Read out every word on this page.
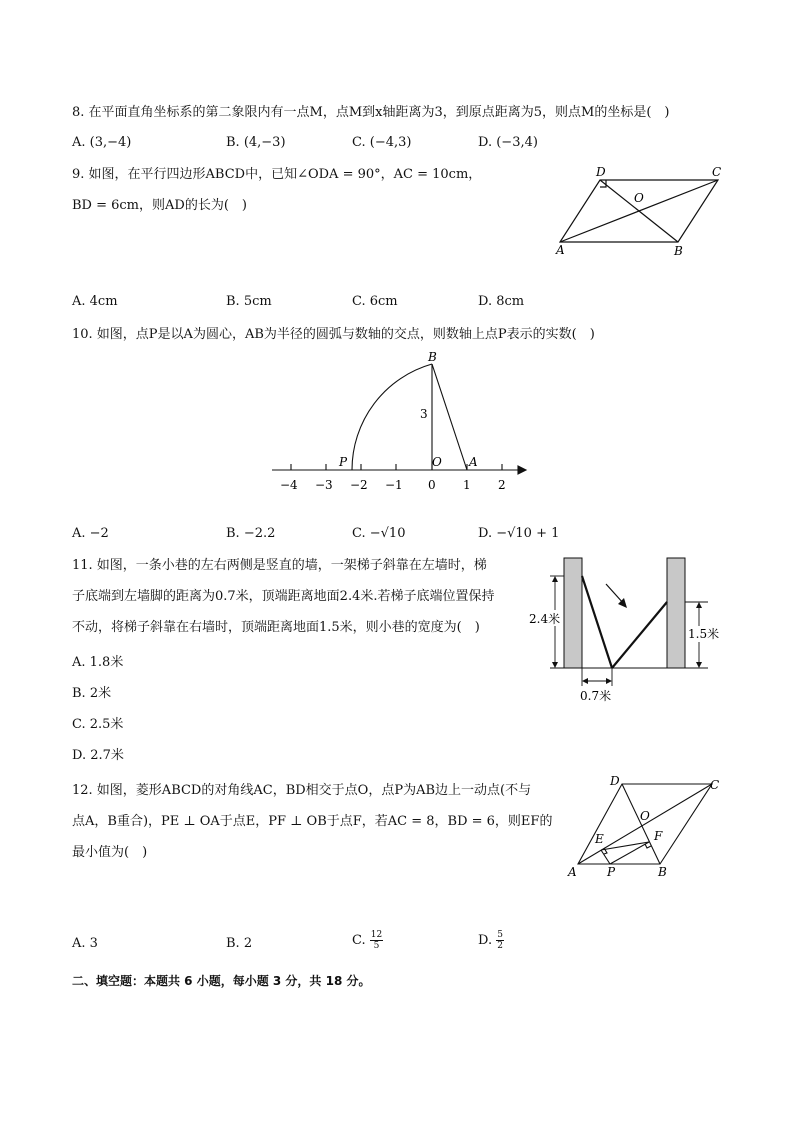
8. 在平面直角坐标系的第二象限内有一点M，点M到x轴距离为3，到原点距离为5，则点M的坐标是(　)
A. (3,−4)	B. (4,−3)	C. (−4,3)	D. (−3,4)
9. 如图，在平行四边形ABCD中，已知∠ODA = 90°，AC = 10cm，
BD = 6cm，则AD的长为(　)
D	C
O
A	B
A. 4cm	B. 5cm	C. 6cm	D. 8cm
10. 如图，点P是以A为圆心，AB为半径的圆弧与数轴的交点，则数轴上点P表示的实数(　)
B
3
P	O A
−4 −3 −2 −1 0 1 2
A. −2	B. −2.2	C. −√10	D. −√10 + 1
11. 如图，一条小巷的左右两侧是竖直的墙，一架梯子斜靠在左墙时，梯
子底端到左墙脚的距离为0.7米，顶端距离地面2.4米.若梯子底端位置保持
不动，将梯子斜靠在右墙时，顶端距离地面1.5米，则小巷的宽度为(　)
A. 1.8米
B. 2米
C. 2.5米
D. 2.7米
2.4米
1.5米
0.7米
12. 如图，菱形ABCD的对角线AC，BD相交于点O，点P为AB边上一动点(不与
点A，B重合)，PE ⊥ OA于点E，PF ⊥ OB于点F，若AC = 8，BD = 6，则EF的
最小值为(　)
D	C
O
E	F
A	P	B
A. 3	B. 2	C. $\frac{12}{5}$	D. $\frac{5}{2}$
二、填空题：本题共 6 小题，每小题 3 分，共 18 分。
